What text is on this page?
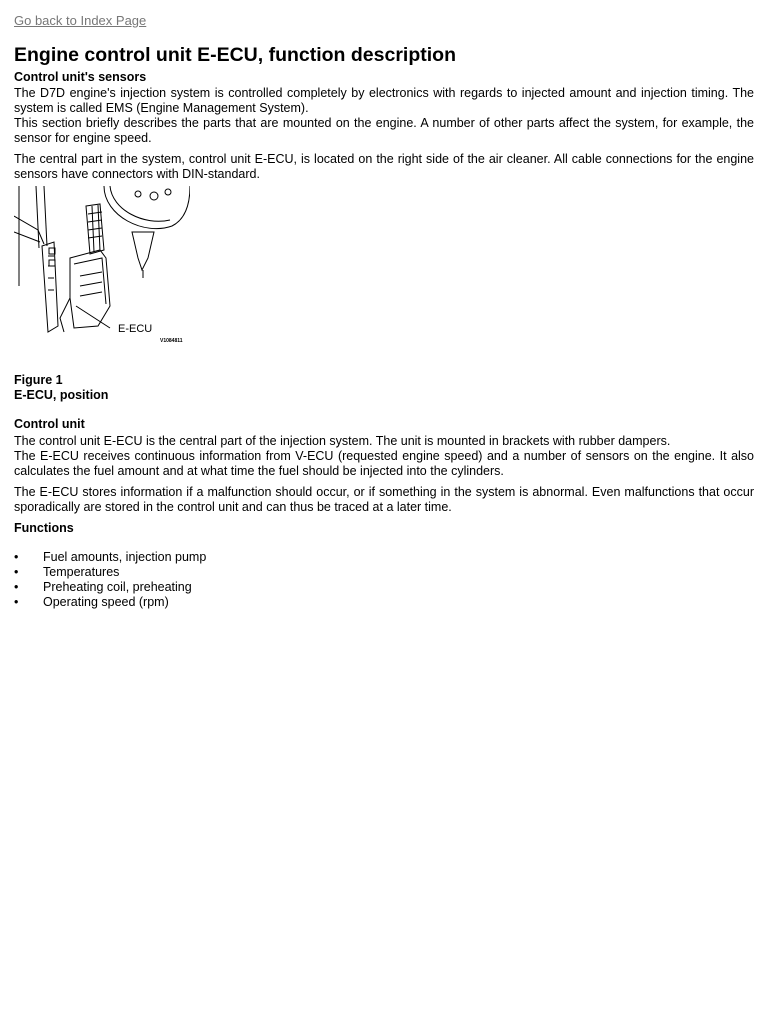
Go back to Index Page
Engine control unit E-ECU, function description
Control unit's sensors

The D7D engine's injection system is controlled completely by electronics with regards to injected amount and injection timing. The system is called EMS (Engine Management System).

This section briefly describes the parts that are mounted on the engine. A number of other parts affect the system, for example, the sensor for engine speed.

The central part in the system, control unit E-ECU, is located on the right side of the air cleaner. All cable connections for the engine sensors have connectors with DIN-standard.

E-ECU
V1084811

Figure 1

E-ECU, position

Control unit

The control unit E-ECU is the central part of the injection system. The unit is mounted in brackets with rubber dampers.

The E-ECU receives continuous information from V-ECU (requested engine speed) and a number of sensors on the engine. It also calculates the fuel amount and at what time the fuel should be injected into the cylinders.

The E-ECU stores information if a malfunction should occur, or if something in the system is abnormal. Even malfunctions that occur sporadically are stored in the control unit and can thus be traced at a later time.

Functions
• Fuel amounts, injection pump
• Temperatures
• Preheating coil, preheating
• Operating speed (rpm)
